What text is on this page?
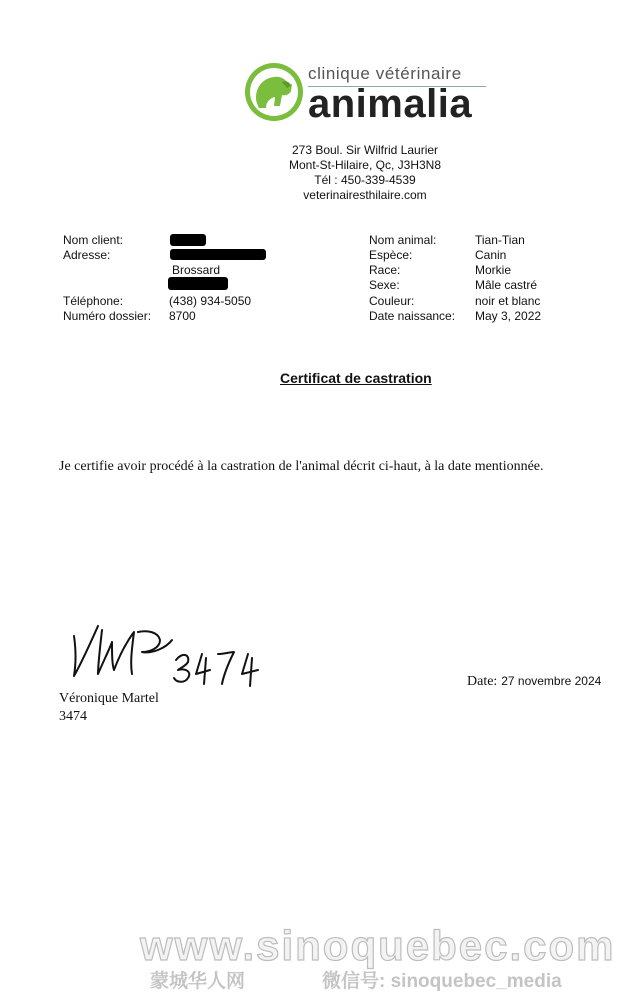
clinique vétérinaire
animalia
273 Boul. Sir Wilfrid Laurier
Mont-St-Hilaire, Qc, J3H3N8
Tél : 450-339-4539
veterinairesthilaire.com
Nom client:
Adresse:
Brossard
Téléphone:	(438) 934-5050
Numéro dossier: 8700
Nom animal:	Tian-Tian
Espèce:	Canin
Race:	Morkie
Sexe:	Mâle castré
Couleur:	noir et blanc
Date naissance: May 3, 2022
Certificat de castration
Je certifie avoir procédé à la castration de l'animal décrit ci-haut, à la date mentionnée.
Véronique Martel
3474
Date: 27 novembre 2024
www.sinoquebec.com
蒙城华人网	微信号: sinoquebec_media
